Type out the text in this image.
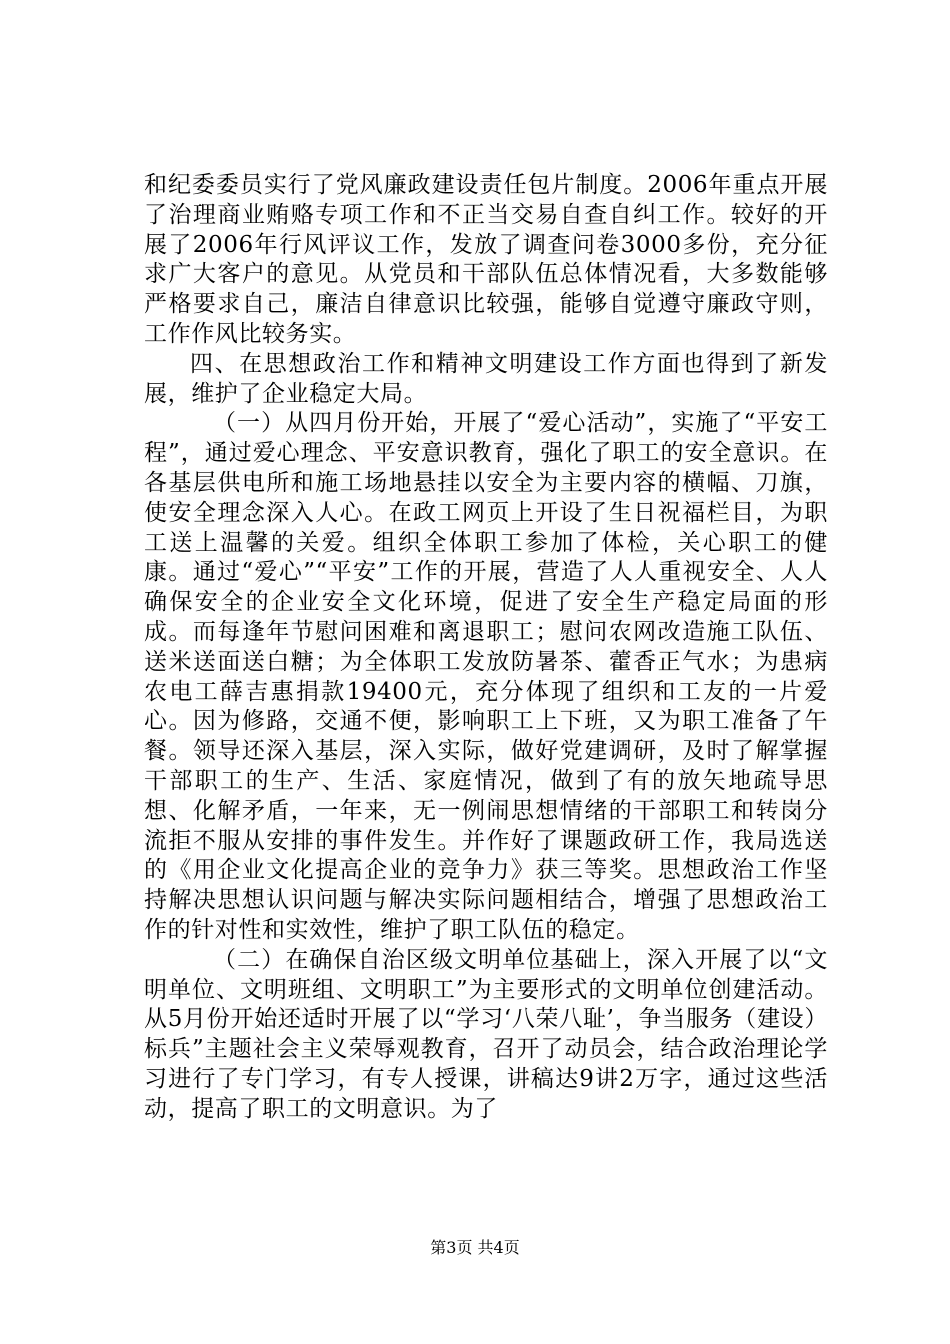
和纪委委员实行了党风廉政建设责任包片制度。2006年重点开展了治理商业贿赂专项工作和不正当交易自查自纠工作。较好的开展了2006年行风评议工作，发放了调查问卷3000多份，充分征求广大客户的意见。从党员和干部队伍总体情况看，大多数能够严格要求自己，廉洁自律意识比较强，能够自觉遵守廉政守则，工作作风比较务实。

四、在思想政治工作和精神文明建设工作方面也得到了新发展，维护了企业稳定大局。

（一）从四月份开始，开展了“爱心活动”，实施了“平安工程”，通过爱心理念、平安意识教育，强化了职工的安全意识。在各基层供电所和施工场地悬挂以安全为主要内容的横幅、刀旗，使安全理念深入人心。在政工网页上开设了生日祝福栏目，为职工送上温馨的关爱。组织全体职工参加了体检，关心职工的健康。通过“爱心”“平安”工作的开展，营造了人人重视安全、人人确保安全的企业安全文化环境，促进了安全生产稳定局面的形成。而每逢年节慰问困难和离退职工；慰问农网改造施工队伍、送米送面送白糖；为全体职工发放防暑茶、藿香正气水；为患病农电工薛吉惠捐款19400元，充分体现了组织和工友的一片爱心。因为修路，交通不便，影响职工上下班，又为职工准备了午餐。领导还深入基层，深入实际，做好党建调研，及时了解掌握干部职工的生产、生活、家庭情况，做到了有的放矢地疏导思想、化解矛盾，一年来，无一例闹思想情绪的干部职工和转岗分流拒不服从安排的事件发生。并作好了课题政研工作，我局选送的《用企业文化提高企业的竞争力》获三等奖。思想政治工作坚持解决思想认识问题与解决实际问题相结合，增强了思想政治工作的针对性和实效性，维护了职工队伍的稳定。

（二）在确保自治区级文明单位基础上，深入开展了以“文明单位、文明班组、文明职工”为主要形式的文明单位创建活动。从5月份开始还适时开展了以“学习‘八荣八耻’，争当服务（建设）标兵”主题社会主义荣辱观教育，召开了动员会，结合政治理论学习进行了专门学习，有专人授课，讲稿达9讲2万字，通过这些活动，提高了职工的文明意识。为了

第3页 共4页
